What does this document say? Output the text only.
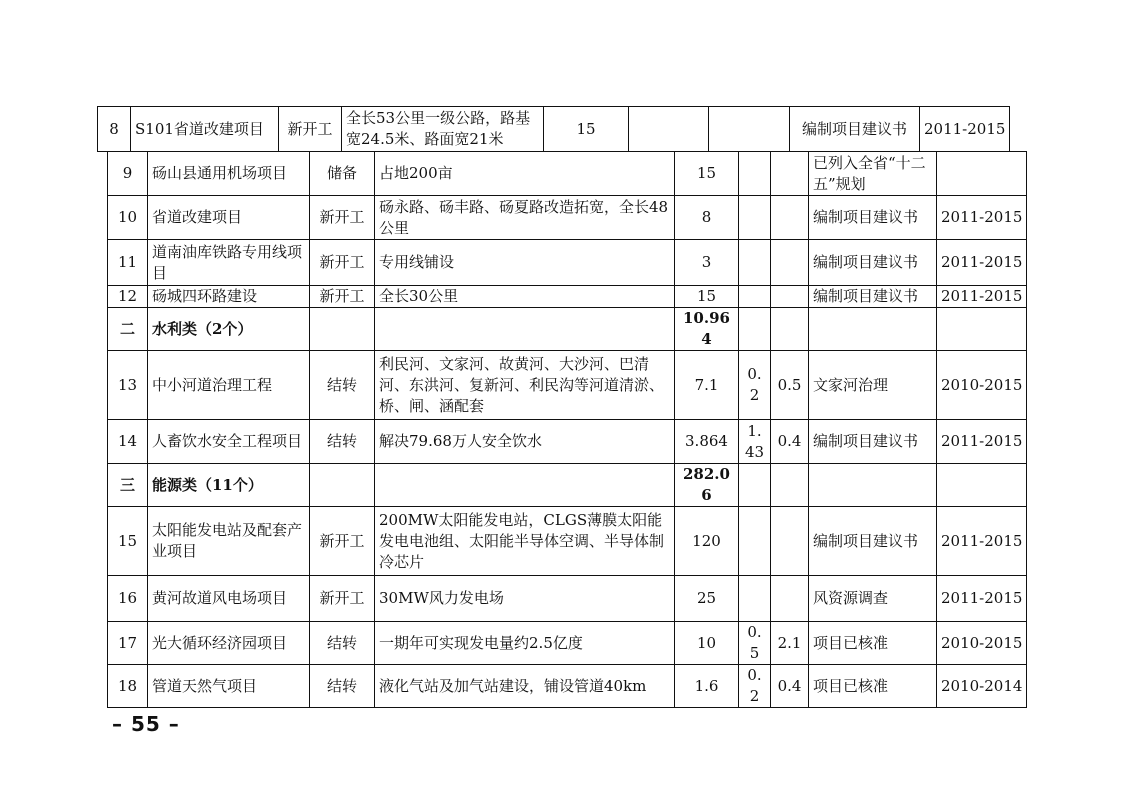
8	S101省道改建项目	新开工	全长53公里一级公路，路基宽24.5米、路面宽21米	15			编制项目建议书	2011-2015
9	砀山县通用机场项目	储备	占地200亩	15			已列入全省“十二五”规划	
10	省道改建项目	新开工	砀永路、砀丰路、砀夏路改造拓宽，全长48公里	8			编制项目建议书	2011-2015
11	道南油库铁路专用线项目	新开工	专用线铺设	3			编制项目建议书	2011-2015
12	砀城四环路建设	新开工	全长30公里	15			编制项目建议书	2011-2015
二	水利类（2个）			10.964				
13	中小河道治理工程	结转	利民河、文家河、故黄河、大沙河、巴清河、东洪河、复新河、利民沟等河道清淤、桥、闸、涵配套	7.1	0.2	0.5	文家河治理	2010-2015
14	人畜饮水安全工程项目	结转	解决79.68万人安全饮水	3.864	1.43	0.4	编制项目建议书	2011-2015
三	能源类（11个）			282.06				
15	太阳能发电站及配套产业项目	新开工	200MW太阳能发电站，CLGS薄膜太阳能发电电池组、太阳能半导体空调、半导体制冷芯片	120			编制项目建议书	2011-2015
16	黄河故道风电场项目	新开工	30MW风力发电场	25			风资源调查	2011-2015
17	光大循环经济园项目	结转	一期年可实现发电量约2.5亿度	10	0.5	2.1	项目已核准	2010-2015
18	管道天然气项目	结转	液化气站及加气站建设，铺设管道40km	1.6	0.2	0.4	项目已核准	2010-2014
– 55 –
